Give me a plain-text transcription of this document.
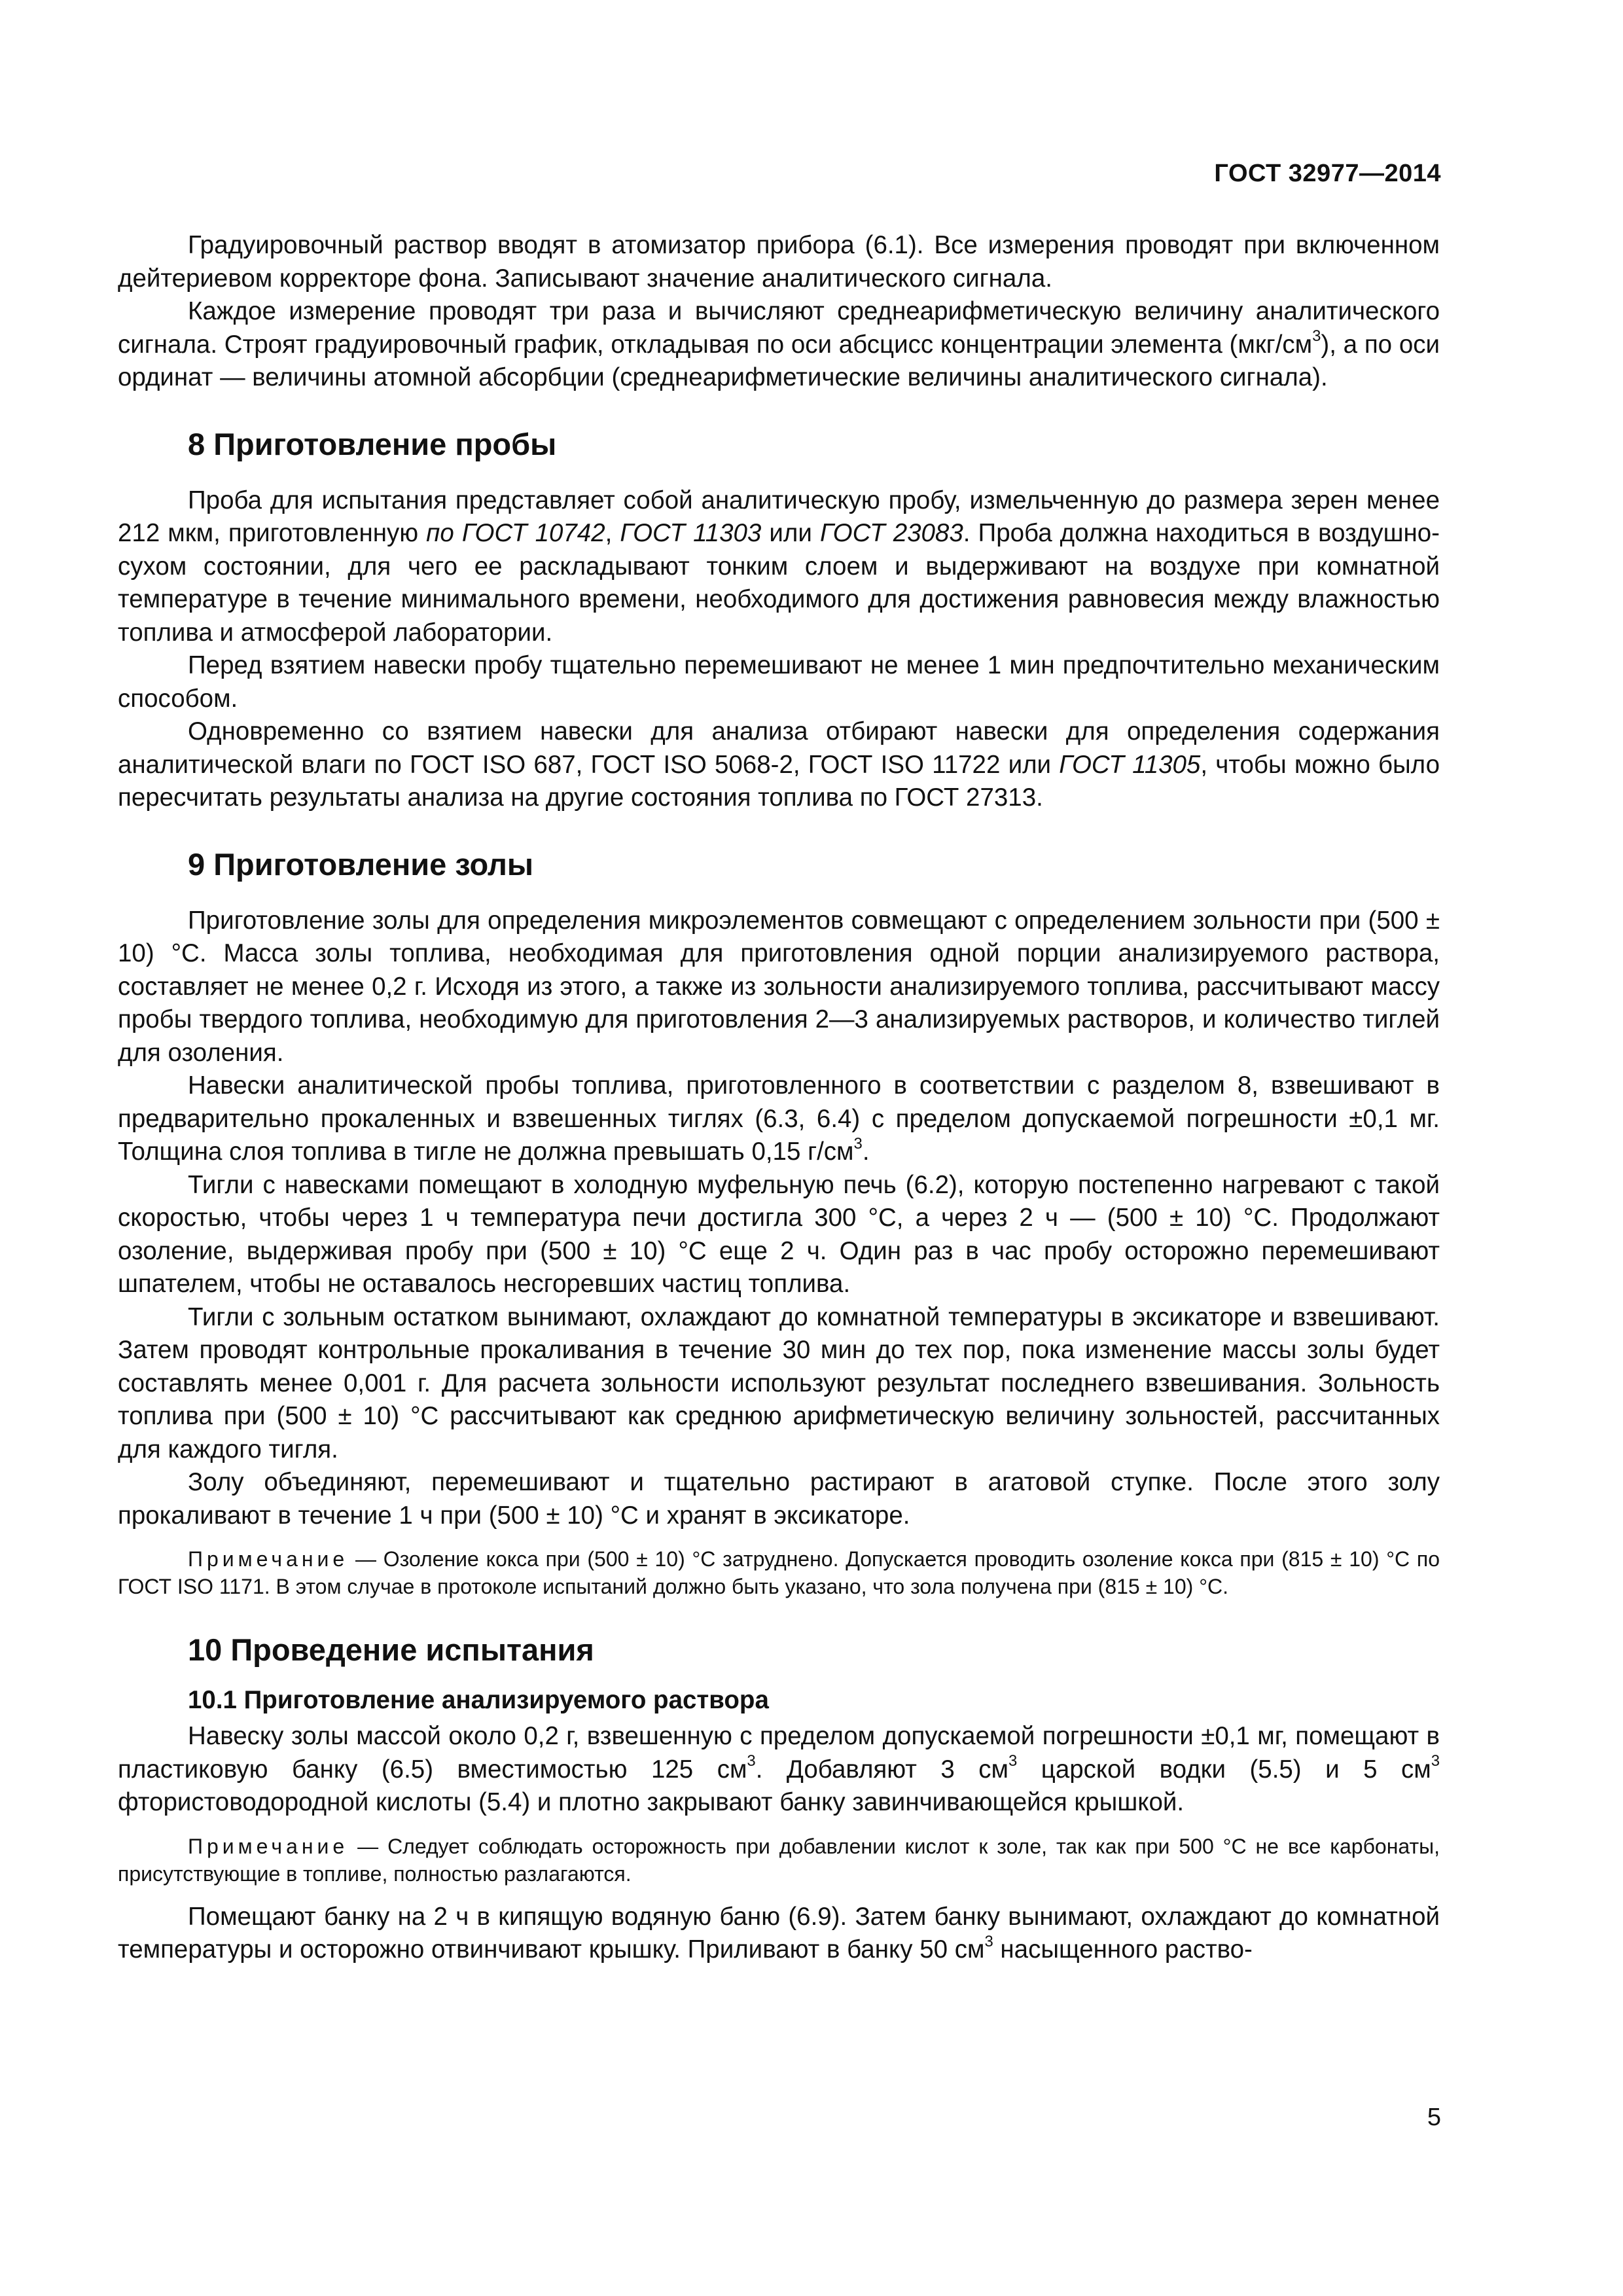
ГОСТ 32977—2014

Градуировочный раствор вводят в атомизатор прибора (6.1). Все измерения проводят при включенном дейтериевом корректоре фона. Записывают значение аналитического сигнала.

Каждое измерение проводят три раза и вычисляют среднеарифметическую величину аналитического сигнала. Строят градуировочный график, откладывая по оси абсцисс концентрации элемента $(мкг/см^3)$, а по оси ординат — величины атомной абсорбции (среднеарифметические величины аналитического сигнала).

8 Приготовление пробы

Проба для испытания представляет собой аналитическую пробу, измельченную до размера зерен менее 212 мкм, приготовленную по ГОСТ 10742, ГОСТ 11303 или ГОСТ 23083. Проба должна находиться в воздушно-сухом состоянии, для чего ее раскладывают тонким слоем и выдерживают на воздухе при комнатной температуре в течение минимального времени, необходимого для достижения равновесия между влажностью топлива и атмосферой лаборатории.

Перед взятием навески пробу тщательно перемешивают не менее 1 мин предпочтительно механическим способом.

Одновременно со взятием навески для анализа отбирают навески для определения содержания аналитической влаги по ГОСТ ISO 687, ГОСТ ISO 5068-2, ГОСТ ISO 11722 или ГОСТ 11305, чтобы можно было пересчитать результаты анализа на другие состояния топлива по ГОСТ 27313.

9 Приготовление золы

Приготовление золы для определения микроэлементов совмещают с определением зольности при (500 ± 10) °С. Масса золы топлива, необходимая для приготовления одной порции анализируемого раствора, составляет не менее 0,2 г. Исходя из этого, а также из зольности анализируемого топлива, рассчитывают массу пробы твердого топлива, необходимую для приготовления 2—3 анализируемых растворов, и количество тиглей для озоления.

Навески аналитической пробы топлива, приготовленного в соответствии с разделом 8, взвешивают в предварительно прокаленных и взвешенных тиглях (6.3, 6.4) с пределом допускаемой погрешности ±0,1 мг. Толщина слоя топлива в тигле не должна превышать 0,15 $г/см^3$.

Тигли с навесками помещают в холодную муфельную печь (6.2), которую постепенно нагревают с такой скоростью, чтобы через 1 ч температура печи достигла 300 °С, а через 2 ч — (500 ± 10) °С. Продолжают озоление, выдерживая пробу при (500 ± 10) °С еще 2 ч. Один раз в час пробу осторожно перемешивают шпателем, чтобы не оставалось несгоревших частиц топлива.

Тигли с зольным остатком вынимают, охлаждают до комнатной температуры в эксикаторе и взвешивают. Затем проводят контрольные прокаливания в течение 30 мин до тех пор, пока изменение массы золы будет составлять менее 0,001 г. Для расчета зольности используют результат последнего взвешивания. Зольность топлива при (500 ± 10) °С рассчитывают как среднюю арифметическую величину зольностей, рассчитанных для каждого тигля.

Золу объединяют, перемешивают и тщательно растирают в агатовой ступке. После этого золу прокаливают в течение 1 ч при (500 ± 10) °С и хранят в эксикаторе.

Примечание — Озоление кокса при (500 ± 10) °С затруднено. Допускается проводить озоление кокса при (815 ± 10) °С по ГОСТ ISO 1171. В этом случае в протоколе испытаний должно быть указано, что зола получена при (815 ± 10) °С.

10 Проведение испытания
10.1 Приготовление анализируемого раствора

Навеску золы массой около 0,2 г, взвешенную с пределом допускаемой погрешности ±0,1 мг, помещают в пластиковую банку (6.5) вместимостью 125 $см^3$. Добавляют 3 $см^3$ царской водки (5.5) и 5 $см^3$ фтористоводородной кислоты (5.4) и плотно закрывают банку завинчивающейся крышкой.

Примечание — Следует соблюдать осторожность при добавлении кислот к золе, так как при 500 °С не все карбонаты, присутствующие в топливе, полностью разлагаются.

Помещают банку на 2 ч в кипящую водяную баню (6.9). Затем банку вынимают, охлаждают до комнатной температуры и осторожно отвинчивают крышку. Приливают в банку 50 $см^3$ насыщенного раство-

5
